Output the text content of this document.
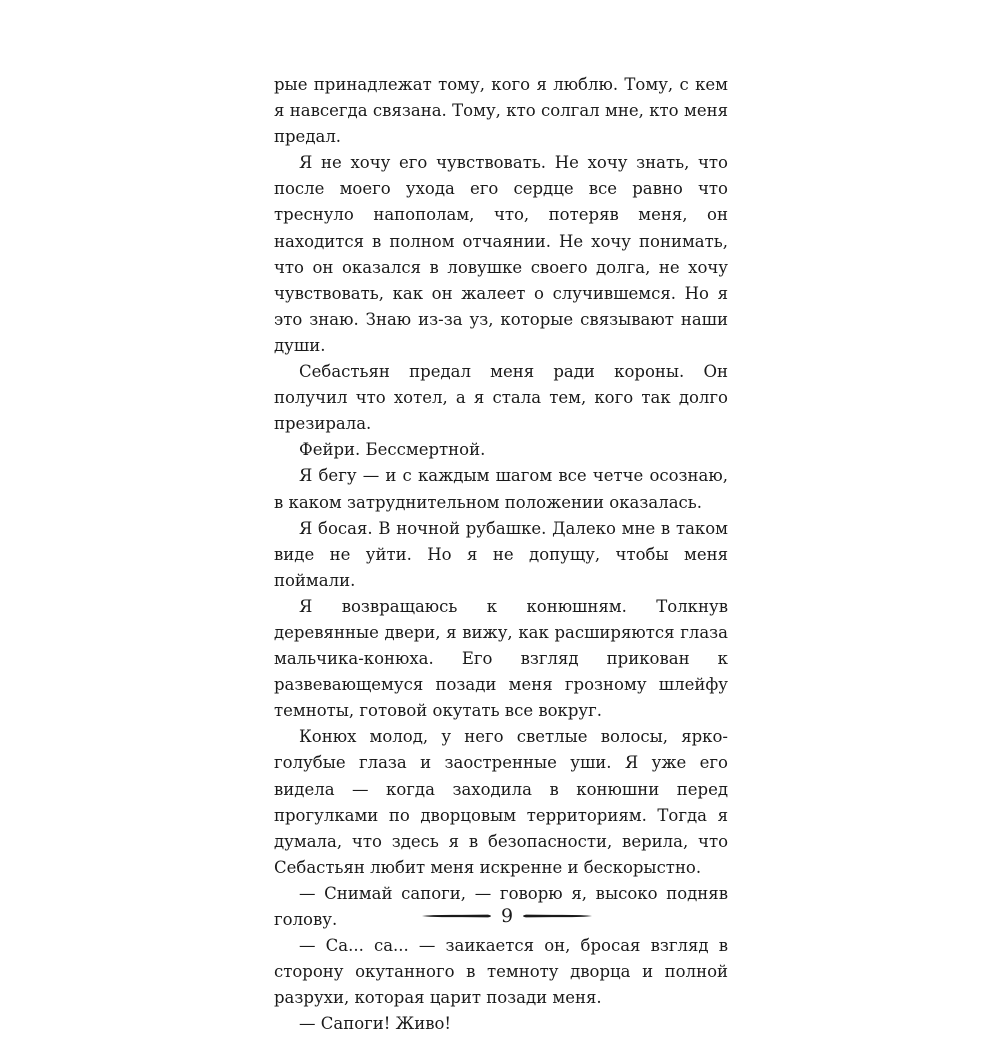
рые принадлежат тому, кого я люблю. Тому, с кем я навсегда связана. Тому, кто солгал мне, кто меня предал.

Я не хочу его чувствовать. Не хочу знать, что после моего ухода его сердце все равно что треснуло напополам, что, потеряв меня, он находится в полном отчаянии. Не хочу понимать, что он оказался в ловушке своего долга, не хочу чувствовать, как он жалеет о случившемся. Но я это знаю. Знаю из-за уз, которые связывают наши души.

Себастьян предал меня ради короны. Он получил что хотел, а я стала тем, кого так долго презирала.

Фейри. Бессмертной.

Я бегу — и с каждым шагом все четче осознаю, в каком затруднительном положении оказалась.

Я босая. В ночной рубашке. Далеко мне в таком виде не уйти. Но я не допущу, чтобы меня поймали.

Я возвращаюсь к конюшням. Толкнув деревянные двери, я вижу, как расширяются глаза мальчика-конюха. Его взгляд прикован к развевающемуся позади меня грозному шлейфу темноты, готовой окутать все вокруг.

Конюх молод, у него светлые волосы, ярко-голубые глаза и заостренные уши. Я уже его видела — когда заходила в конюшни перед прогулками по дворцовым территориям. Тогда я думала, что здесь я в безопасности, верила, что Себастьян любит меня искренне и бескорыстно.

— Снимай сапоги, — говорю я, высоко подняв голову.

— Са... са... — заикается он, бросая взгляд в сторону окутанного в темноту дворца и полной разрухи, которая царит позади меня.

— Сапоги! Живо!

9
